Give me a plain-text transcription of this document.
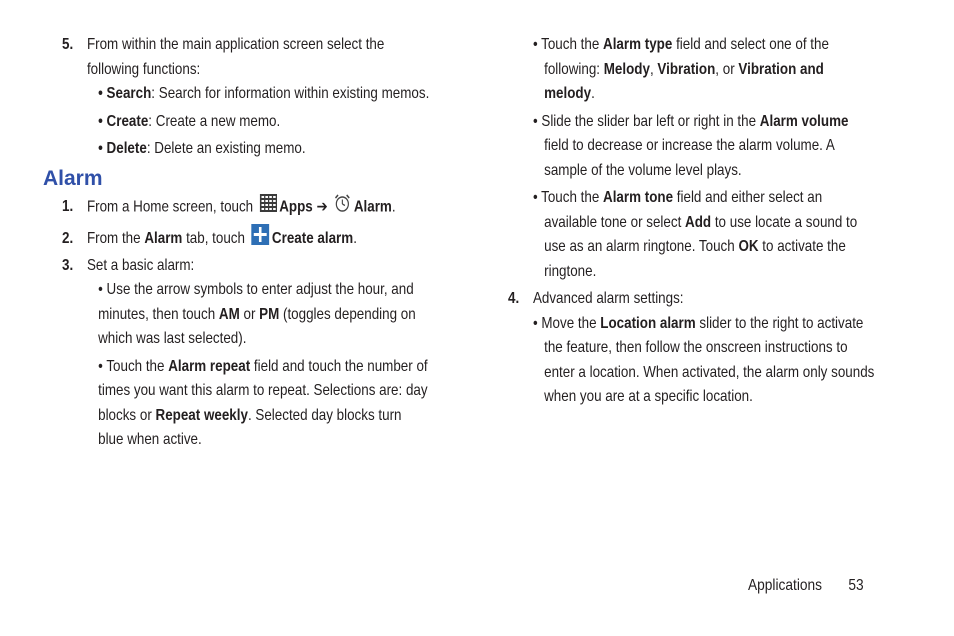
5. From within the main application screen select the
following functions:
• Search: Search for information within existing memos.
• Create: Create a new memo.
• Delete: Delete an existing memo.
Alarm
1. From a Home screen, touch Apps ➔ Alarm.
2. From the Alarm tab, touch Create alarm.
3. Set a basic alarm:
• Use the arrow symbols to enter adjust the hour, and
minutes, then touch AM or PM (toggles depending on
which was last selected).
• Touch the Alarm repeat field and touch the number of
times you want this alarm to repeat. Selections are: day
blocks or Repeat weekly. Selected day blocks turn
blue when active.
• Touch the Alarm type field and select one of the
following: Melody, Vibration, or Vibration and
melody.
• Slide the slider bar left or right in the Alarm volume
field to decrease or increase the alarm volume. A
sample of the volume level plays.
• Touch the Alarm tone field and either select an
available tone or select Add to use locate a sound to
use as an alarm ringtone. Touch OK to activate the
ringtone.
4. Advanced alarm settings:
• Move the Location alarm slider to the right to activate
the feature, then follow the onscreen instructions to
enter a location. When activated, the alarm only sounds
when you are at a specific location.
Applications 53
